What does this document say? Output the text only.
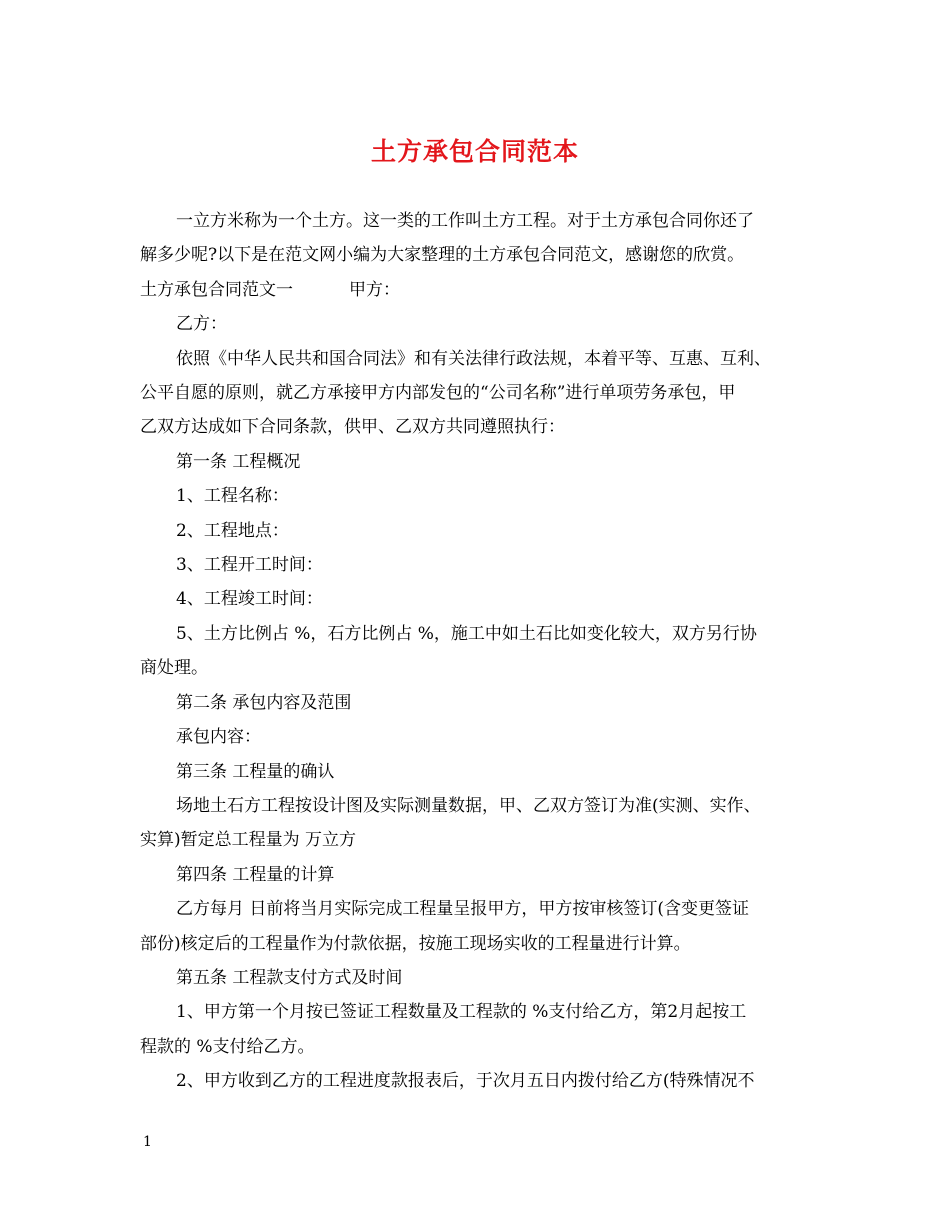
土方承包合同范本

一立方米称为一个土方。这一类的工作叫土方工程。对于土方承包合同你还了

解多少呢?以下是在范文网小编为大家整理的土方承包合同范文，感谢您的欣赏。

土方承包合同范文一	甲方：

乙方：

依照《中华人民共和国合同法》和有关法律行政法规，本着平等、互惠、互利、

公平自愿的原则，就乙方承接甲方内部发包的“公司名称”进行单项劳务承包，甲

乙双方达成如下合同条款，供甲、乙双方共同遵照执行：

第一条 工程概况

1、工程名称：

2、工程地点：

3、工程开工时间：

4、工程竣工时间：

5、土方比例占 %，石方比例占 %，施工中如土石比如变化较大，双方另行协

商处理。

第二条 承包内容及范围

承包内容：

第三条 工程量的确认

场地土石方工程按设计图及实际测量数据，甲、乙双方签订为准(实测、实作、

实算)暂定总工程量为 万立方

第四条 工程量的计算

乙方每月 日前将当月实际完成工程量呈报甲方，甲方按审核签订(含变更签证

部份)核定后的工程量作为付款依据，按施工现场实收的工程量进行计算。

第五条 工程款支付方式及时间

1、甲方第一个月按已签证工程数量及工程款的 %支付给乙方，第2月起按工

程款的 %支付给乙方。

2、甲方收到乙方的工程进度款报表后，于次月五日内拨付给乙方(特殊情况不

1
